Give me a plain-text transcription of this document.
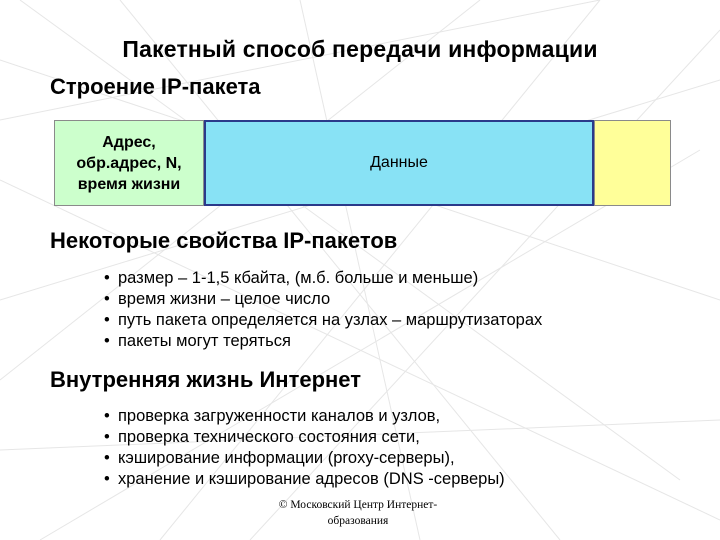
Пакетный способ передачи информации
Строение IP-пакета
Адрес,
обр.адрес, N,
время жизни
Данные
Некоторые свойства IP-пакетов
• размер – 1-1,5 кбайта, (м.б. больше и меньше)
• время жизни – целое число
• путь пакета определяется на узлах – маршрутизаторах
• пакеты могут теряться
Внутренняя жизнь Интернет
• проверка загруженности каналов и узлов,
• проверка технического состояния сети,
• кэширование информации (proxy-серверы),
• хранение и кэширование адресов (DNS -серверы)
© Московский Центр Интернет-
образования
